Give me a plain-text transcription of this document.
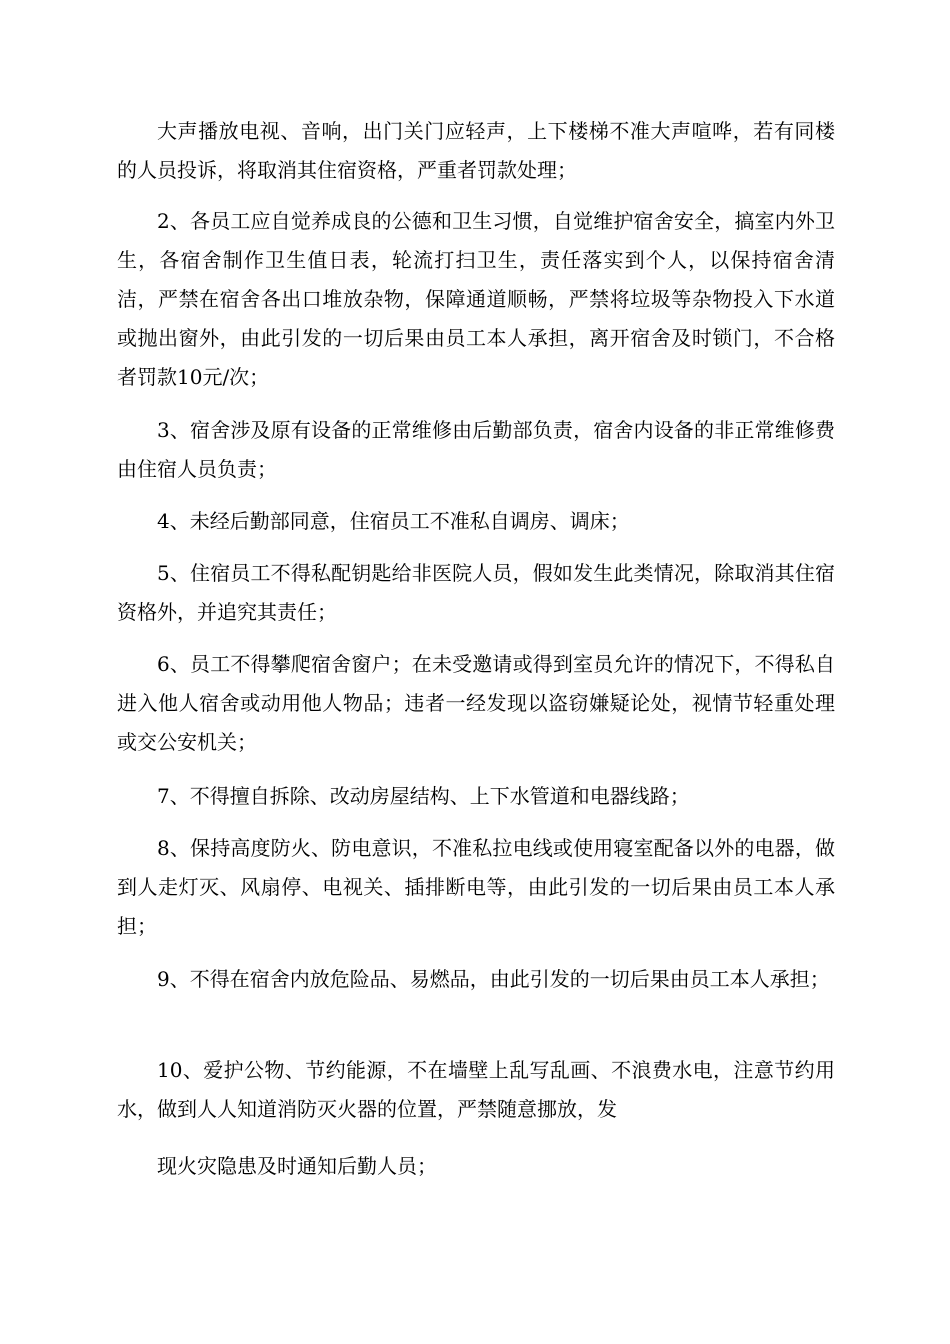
大声播放电视、音响，出门关门应轻声，上下楼梯不准大声喧哗，若有同楼的人员投诉，将取消其住宿资格，严重者罚款处理；

2、各员工应自觉养成良的公德和卫生习惯，自觉维护宿舍安全，搞室内外卫生，各宿舍制作卫生值日表，轮流打扫卫生，责任落实到个人，以保持宿舍清洁，严禁在宿舍各出口堆放杂物，保障通道顺畅，严禁将垃圾等杂物投入下水道或抛出窗外，由此引发的一切后果由员工本人承担，离开宿舍及时锁门，不合格者罚款10元/次；

3、宿舍涉及原有设备的正常维修由后勤部负责，宿舍内设备的非正常维修费由住宿人员负责；

4、未经后勤部同意，住宿员工不准私自调房、调床；

5、住宿员工不得私配钥匙给非医院人员，假如发生此类情况，除取消其住宿资格外，并追究其责任；

6、员工不得攀爬宿舍窗户；在未受邀请或得到室员允许的情况下，不得私自进入他人宿舍或动用他人物品；违者一经发现以盗窃嫌疑论处，视情节轻重处理或交公安机关；

7、不得擅自拆除、改动房屋结构、上下水管道和电器线路；

8、保持高度防火、防电意识，不准私拉电线或使用寝室配备以外的电器，做到人走灯灭、风扇停、电视关、插排断电等，由此引发的一切后果由员工本人承担；

9、不得在宿舍内放危险品、易燃品，由此引发的一切后果由员工本人承担；

10、爱护公物、节约能源，不在墙壁上乱写乱画、不浪费水电，注意节约用水，做到人人知道消防灭火器的位置，严禁随意挪放，发

现火灾隐患及时通知后勤人员；
